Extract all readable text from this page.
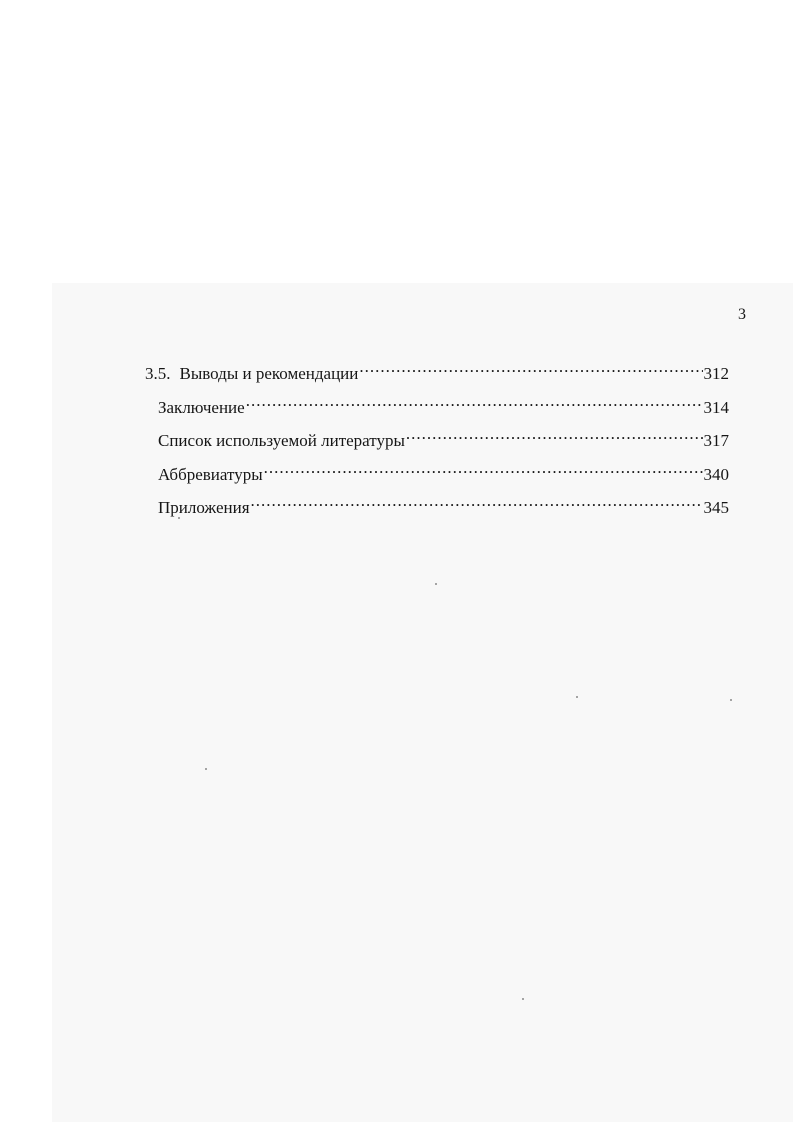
3
3.5. Выводы и рекомендации .....	312
Заключение .....	314
Список используемой литературы .....	317
Аббревиатуры .....	340
Приложения .....	345
